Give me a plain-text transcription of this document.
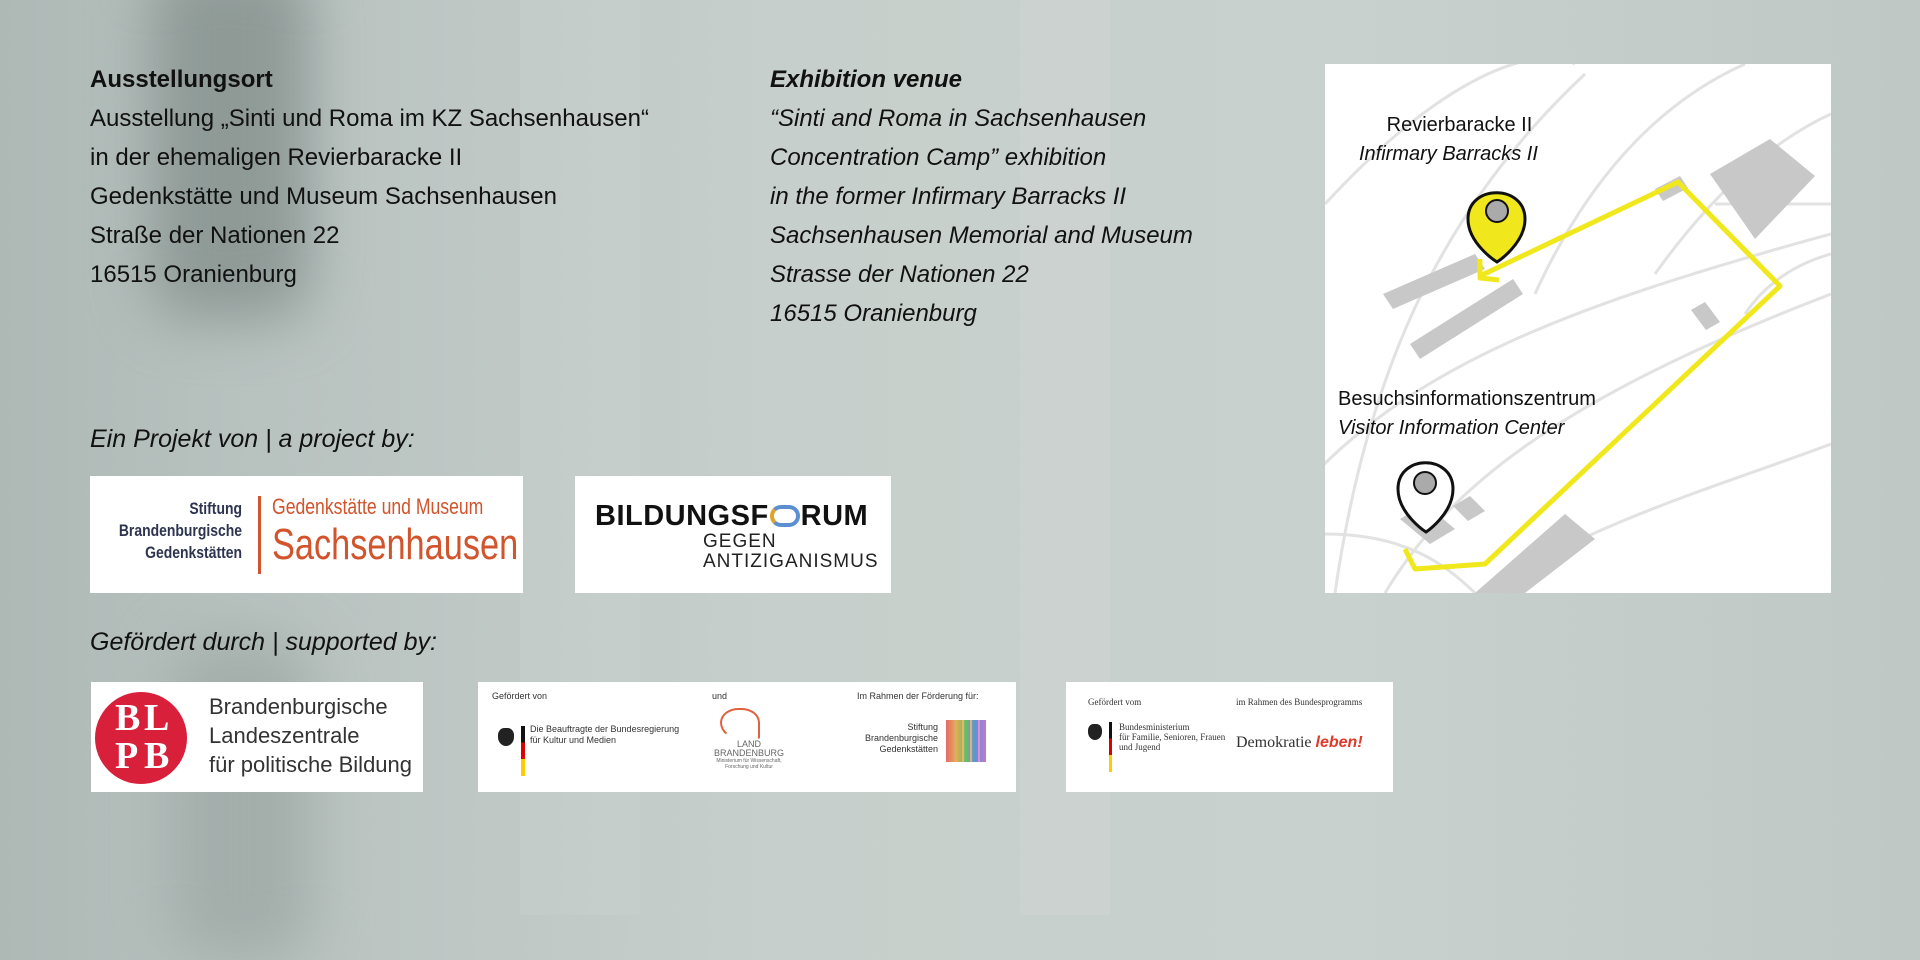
Ausstellungsort
Ausstellung „Sinti und Roma im KZ Sachsenhausen“
in der ehemaligen Revierbaracke II
Gedenkstätte und Museum Sachsenhausen
Straße der Nationen 22
16515 Oranienburg
Exhibition venue
“Sinti and Roma in Sachsenhausen
Concentration Camp” exhibition
in the former Infirmary Barracks II
Sachsenhausen Memorial and Museum
Strasse der Nationen 22
16515 Oranienburg
Ein Projekt von | a project by:
Stiftung
Brandenburgische
Gedenkstätten
Gedenkstätte und Museum
Sachsenhausen
BILDUNGSF RUM
GEGEN
ANTIZIGANISMUS
Gefördert durch | supported by:
B L
P B
Brandenburgische
Landeszentrale
für politische Bildung
Gefördert von
Die Beauftragte der Bundesregierung
für Kultur und Medien
und
LAND
BRANDENBURG
Ministerium für Wissenschaft,
Forschung und Kultur
Im Rahmen der Förderung für:
Stiftung
Brandenburgische
Gedenkstätten
Gefördert vom
Bundesministerium
für Familie, Senioren, Frauen
und Jugend
im Rahmen des Bundesprogramms
Demokratie leben!
Revierbaracke II
Infirmary Barracks II
Besuchsinformationszentrum
Visitor Information Center
